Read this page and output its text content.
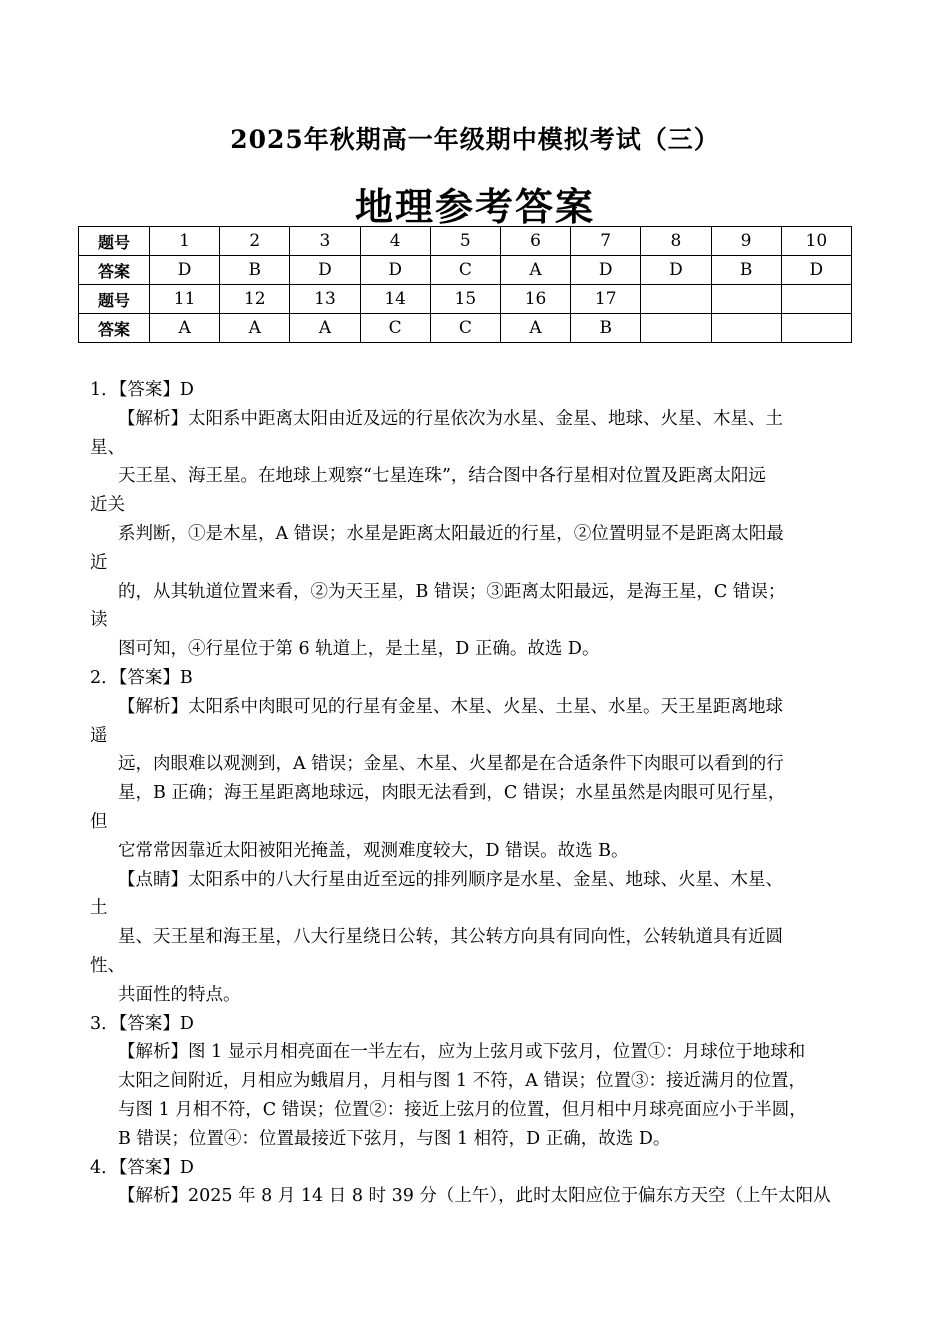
2025年秋期高一年级期中模拟考试（三）
地理参考答案
题号	1	2	3	4	5	6	7	8	9	10
答案	D	B	D	D	C	A	D	D	B	D
题号	11	12	13	14	15	16	17			
答案	A	A	A	C	C	A	B			
1．【答案】D
【解析】太阳系中距离太阳由近及远的行星依次为水星、金星、地球、火星、木星、土
星、
天王星、海王星。在地球上观察“七星连珠”，结合图中各行星相对位置及距离太阳远
近关
系判断，①是木星，A 错误；水星是距离太阳最近的行星，②位置明显不是距离太阳最
近
的，从其轨道位置来看，②为天王星，B 错误；③距离太阳最远，是海王星，C 错误；
读
图可知，④行星位于第 6 轨道上，是土星，D 正确。故选 D。
2．【答案】B
【解析】太阳系中肉眼可见的行星有金星、木星、火星、土星、水星。天王星距离地球
遥
远，肉眼难以观测到，A 错误；金星、木星、火星都是在合适条件下肉眼可以看到的行
星，B 正确；海王星距离地球远，肉眼无法看到，C 错误；水星虽然是肉眼可见行星，
但
它常常因靠近太阳被阳光掩盖，观测难度较大，D 错误。故选 B。
【点睛】太阳系中的八大行星由近至远的排列顺序是水星、金星、地球、火星、木星、
土
星、天王星和海王星，八大行星绕日公转，其公转方向具有同向性，公转轨道具有近圆
性、
共面性的特点。
3．【答案】D
【解析】图 1 显示月相亮面在一半左右，应为上弦月或下弦月，位置①：月球位于地球和
太阳之间附近，月相应为蛾眉月，月相与图 1 不符，A 错误；位置③：接近满月的位置，
与图 1 月相不符，C 错误；位置②：接近上弦月的位置，但月相中月球亮面应小于半圆，
B 错误；位置④：位置最接近下弦月，与图 1 相符，D 正确，故选 D。
4．【答案】D
【解析】2025 年 8 月 14 日 8 时 39 分（上午），此时太阳应位于偏东方天空（上午太阳从
